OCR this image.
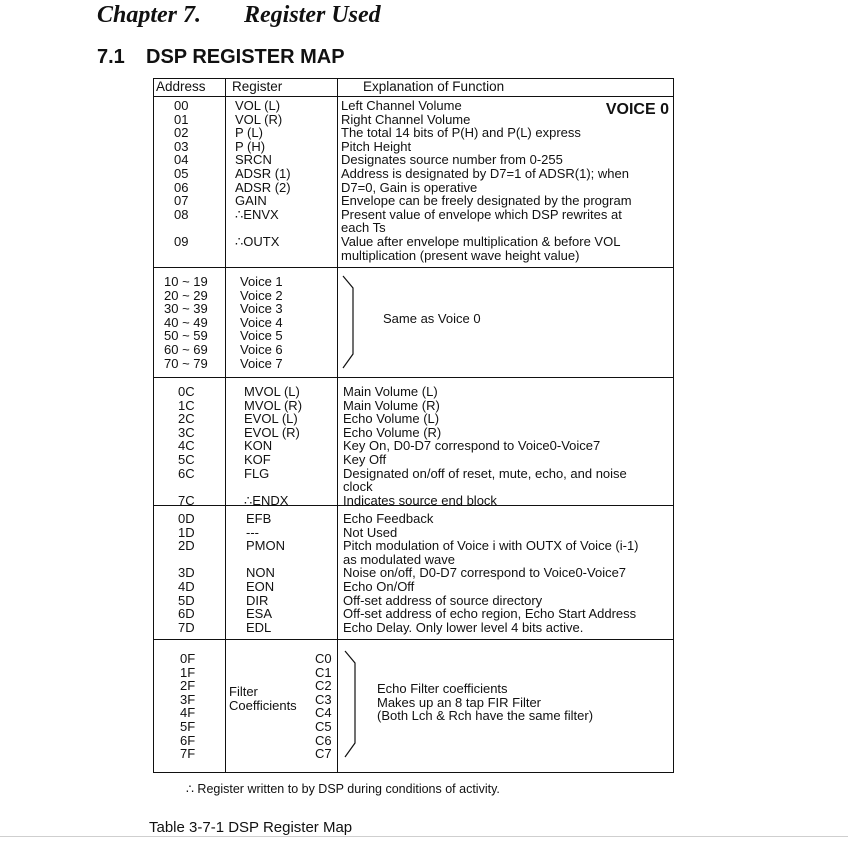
Chapter 7. Register Used
7.1 DSP REGISTER MAP
Address Register	Explanation of Function
VOICE 0
00
01
02
03
04
05
06
07
08

09
VOL (L)
VOL (R)
P (L)
P (H)
SRCN
ADSR (1)
ADSR (2)
GAIN
∴ENVX

∴OUTX
Left Channel Volume
Right Channel Volume
The total 14 bits of P(H) and P(L) express
Pitch Height
Designates source number from 0-255
Address is designated by D7=1 of ADSR(1); when
D7=0, Gain is operative
Envelope can be freely designated by the program
Present value of envelope which DSP rewrites at
each Ts
Value after envelope multiplication & before VOL
multiplication (present wave height value)
10 ~ 19
20 ~ 29
30 ~ 39
40 ~ 49
50 ~ 59
60 ~ 69
70 ~ 79
Voice 1
Voice 2
Voice 3
Voice 4
Voice 5
Voice 6
Voice 7
Same as Voice 0
0C
1C
2C
3C
4C
5C
6C

7C
MVOL (L)
MVOL (R)
EVOL (L)
EVOL (R)
KON
KOF
FLG

∴ENDX
Main Volume (L)
Main Volume (R)
Echo Volume (L)
Echo Volume (R)
Key On, D0-D7 correspond to Voice0-Voice7
Key Off
Designated on/off of reset, mute, echo, and noise
clock
Indicates source end block
0D
1D
2D

3D
4D
5D
6D
7D
EFB
---
PMON

NON
EON
DIR
ESA
EDL
Echo Feedback
Not Used
Pitch modulation of Voice i with OUTX of Voice (i-1)
as modulated wave
Noise on/off, D0-D7 correspond to Voice0-Voice7
Echo On/Off
Off-set address of source directory
Off-set address of echo region, Echo Start Address
Echo Delay. Only lower level 4 bits active.
0F
1F
2F
3F
4F
5F
6F
7F
Filter
Coefficients
C0
C1
C2
C3
C4
C5
C6
C7
Echo Filter coefficients
Makes up an 8 tap FIR Filter
(Both Lch & Rch have the same filter)
∴ Register written to by DSP during conditions of activity.
Table 3-7-1 DSP Register Map
